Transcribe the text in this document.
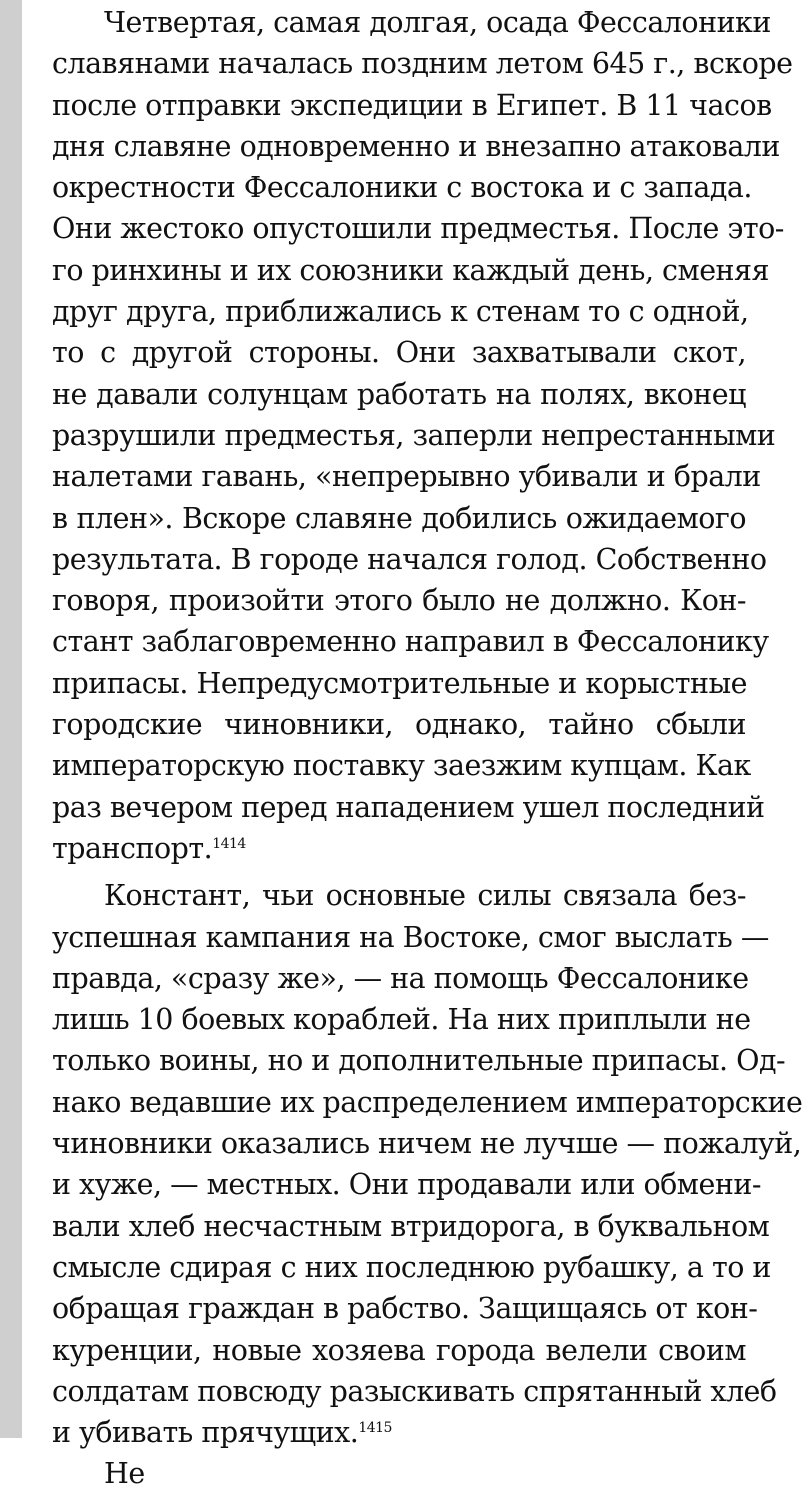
Четвертая, самая долгая, осада Фессалоники
славянами началась поздним летом 645 г., вскоре
после отправки экспедиции в Египет. В 11 часов
дня славяне одновременно и внезапно атаковали
окрестности Фессалоники с востока и с запада.
Они жестоко опустошили предместья. После это-
го ринхины и их союзники каждый день, сменяя
друг друга, приближались к стенам то с одной,
то с другой стороны. Они захватывали скот,
не давали солунцам работать на полях, вконец
разрушили предместья, заперли непрестанными
налетами гавань, «непрерывно убивали и брали
в плен». Вскоре славяне добились ожидаемого
результата. В городе начался голод. Собственно
говоря, произойти этого было не должно. Кон-
стант заблаговременно направил в Фессалонику
припасы. Непредусмотрительные и корыстные
городские чиновники, однако, тайно сбыли
императорскую поставку заезжим купцам. Как
раз вечером перед нападением ушел последний
транспорт.$^{1414}$
Констант, чьи основные силы связала без-
успешная кампания на Востоке, смог выслать —
правда, «сразу же», — на помощь Фессалонике
лишь 10 боевых кораблей. На них приплыли не
только воины, но и дополнительные припасы. Од-
нако ведавшие их распределением императорские
чиновники оказались ничем не лучше — пожалуй,
и хуже, — местных. Они продавали или обмени-
вали хлеб несчастным втридорога, в буквальном
смысле сдирая с них последнюю рубашку, а то и
обращая граждан в рабство. Защищаясь от кон-
куренции, новые хозяева города велели своим
солдатам повсюду разыскивать спрятанный хлеб
и убивать прячущих.$^{1415}$
Не
